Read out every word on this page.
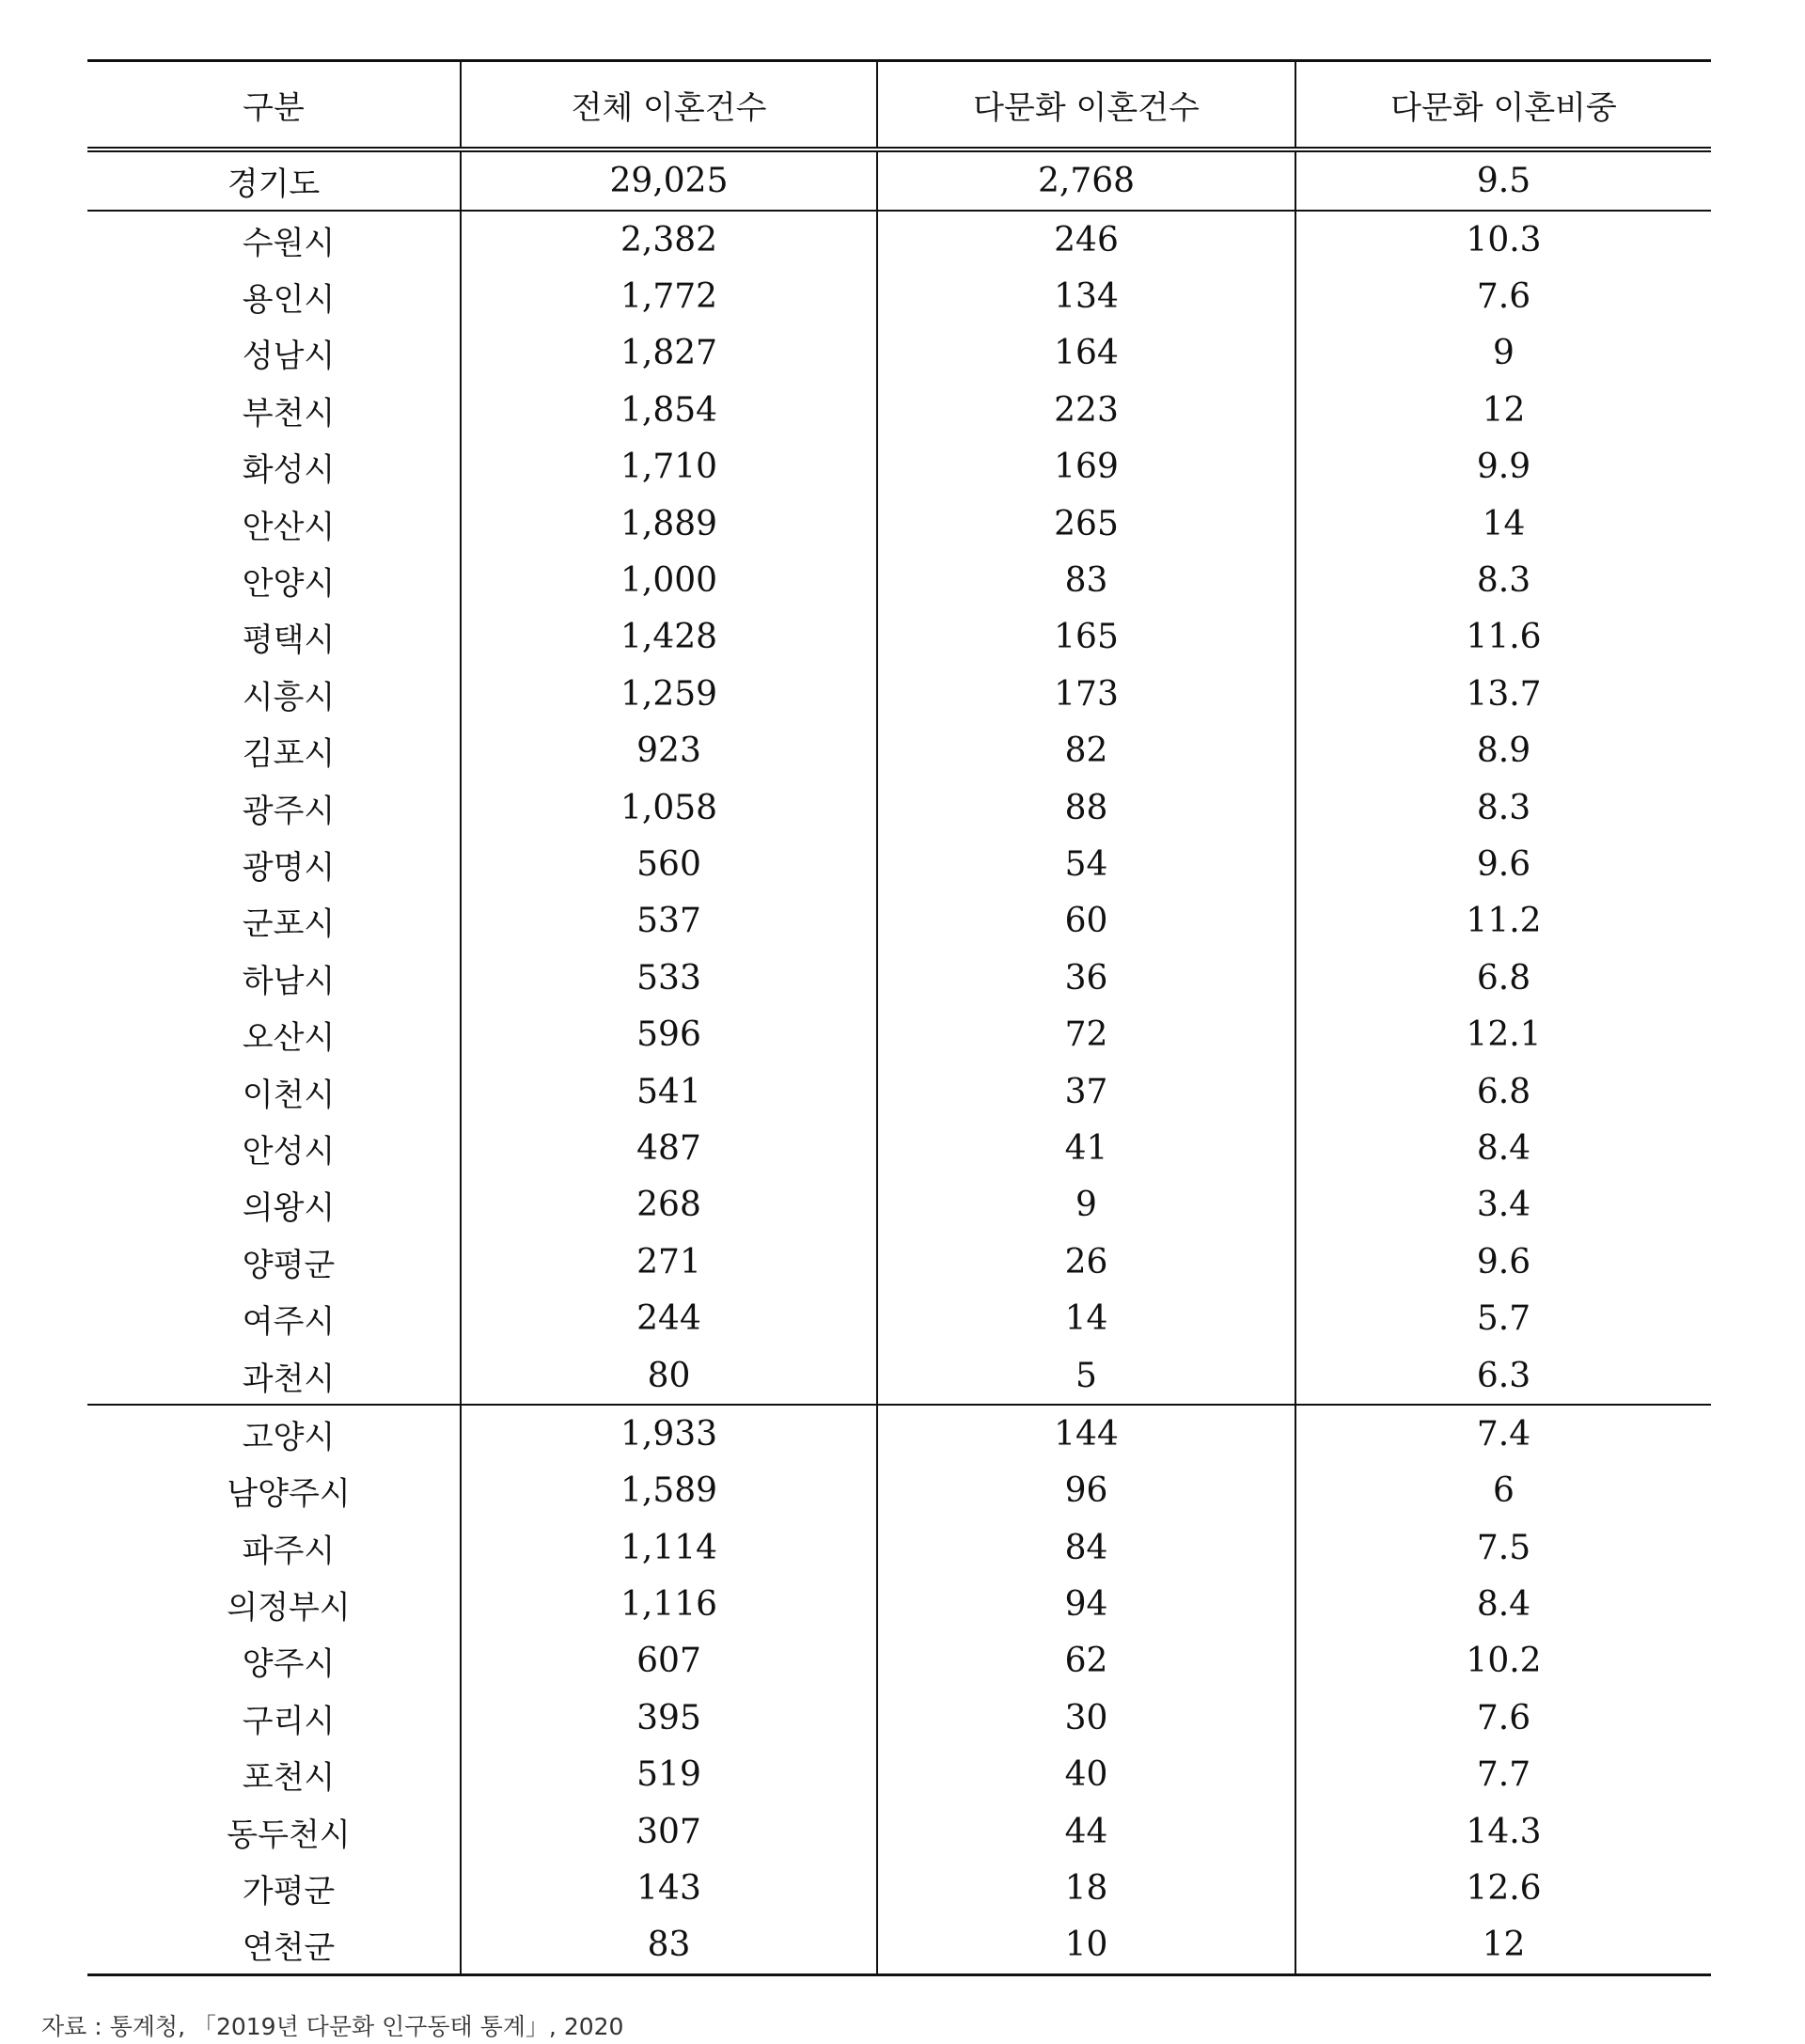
구분	전체 이혼건수	다문화 이혼건수	다문화 이혼비중
경기도	29,025	2,768	9.5
수원시	2,382	246	10.3
용인시	1,772	134	7.6
성남시	1,827	164	9
부천시	1,854	223	12
화성시	1,710	169	9.9
안산시	1,889	265	14
안양시	1,000	83	8.3
평택시	1,428	165	11.6
시흥시	1,259	173	13.7
김포시	923	82	8.9
광주시	1,058	88	8.3
광명시	560	54	9.6
군포시	537	60	11.2
하남시	533	36	6.8
오산시	596	72	12.1
이천시	541	37	6.8
안성시	487	41	8.4
의왕시	268	9	3.4
양평군	271	26	9.6
여주시	244	14	5.7
과천시	80	5	6.3
고양시	1,933	144	7.4
남양주시	1,589	96	6
파주시	1,114	84	7.5
의정부시	1,116	94	8.4
양주시	607	62	10.2
구리시	395	30	7.6
포천시	519	40	7.7
동두천시	307	44	14.3
가평군	143	18	12.6
연천군	83	10	12
자료 : 통계청, 「2019년 다문화 인구동태 통계」, 2020
